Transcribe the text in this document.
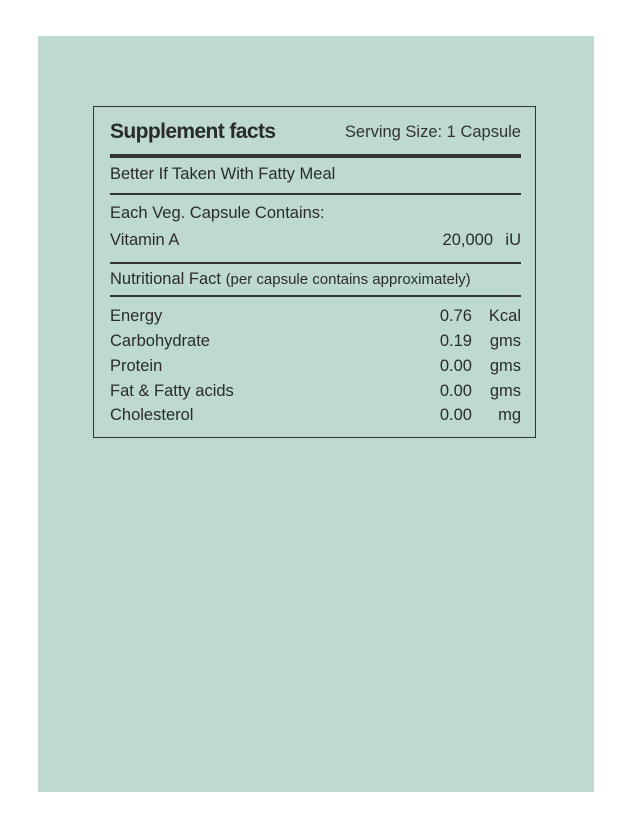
Supplement facts	Serving Size: 1 Capsule
Better If Taken With Fatty Meal
Each Veg. Capsule Contains:
Vitamin A	20,000 iU
Nutritional Fact (per capsule contains approximately)
Energy	0.76 Kcal
Carbohydrate	0.19 gms
Protein	0.00 gms
Fat & Fatty acids	0.00 gms
Cholesterol	0.00 mg
